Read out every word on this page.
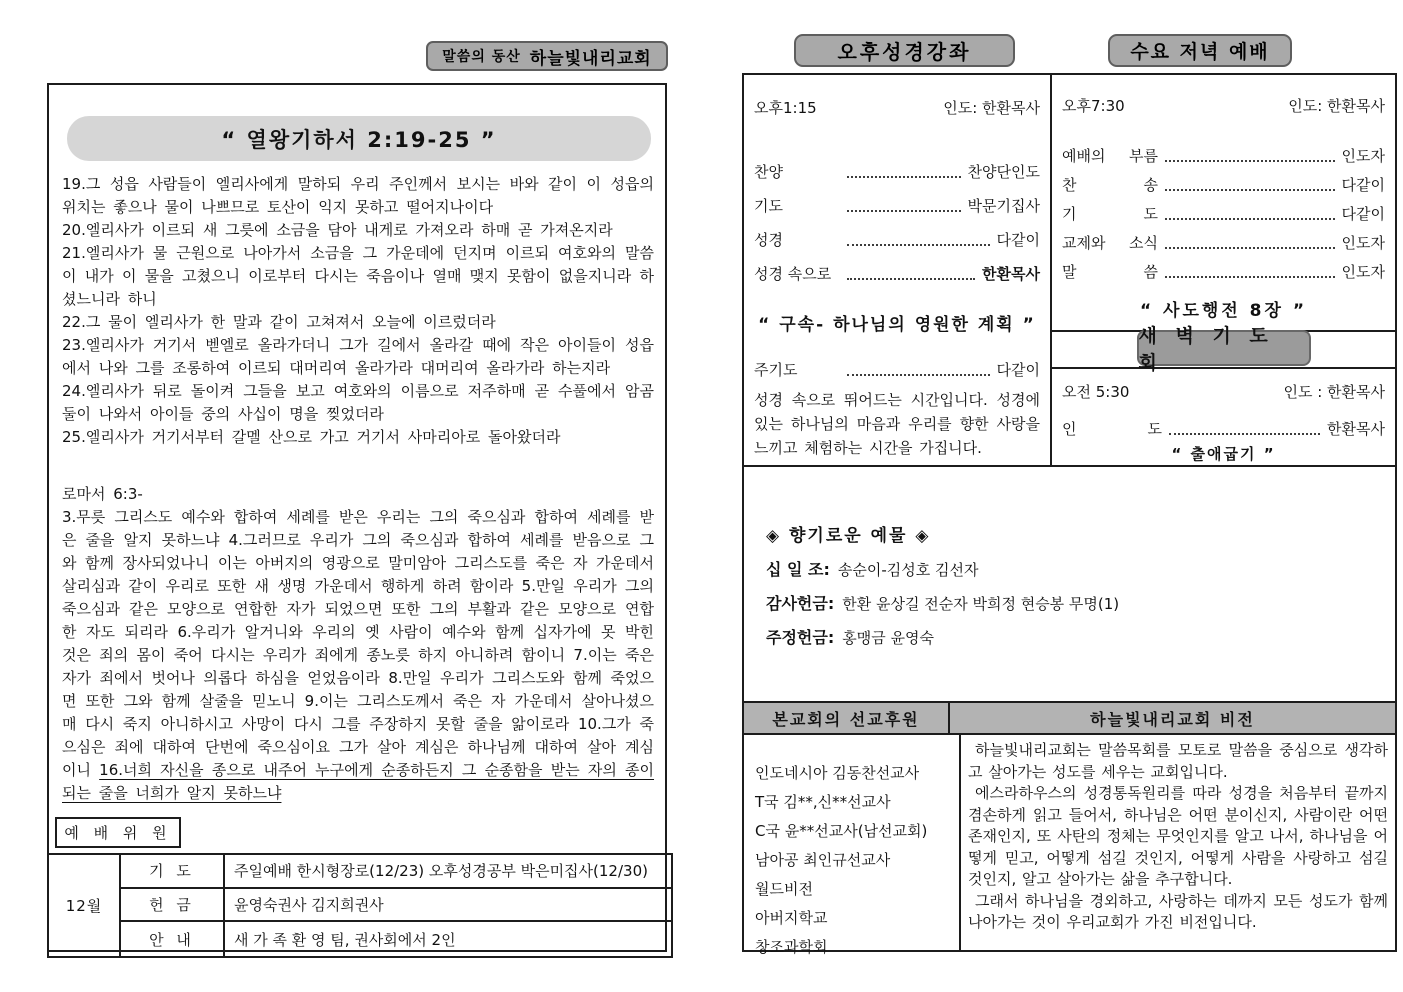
말씀의 동산 하늘빛내리교회	오후성경강좌	수요 저녁 예배
“ 열왕기하서 2:19-25 ”

19.그 성읍 사람들이 엘리사에게 말하되 우리 주인께서 보시는 바와 같이 이 성읍의 위치는 좋으나 물이 나쁘므로 토산이 익지 못하고 떨어지나이다

20.엘리사가 이르되 새 그릇에 소금을 담아 내게로 가져오라 하매 곧 가져온지라

21.엘리사가 물 근원으로 나아가서 소금을 그 가운데에 던지며 이르되 여호와의 말씀이 내가 이 물을 고쳤으니 이로부터 다시는 죽음이나 열매 맺지 못함이 없을지니라 하셨느니라 하니

22.그 물이 엘리사가 한 말과 같이 고쳐져서 오늘에 이르렀더라

23.엘리사가 거기서 벧엘로 올라가더니 그가 길에서 올라갈 때에 작은 아이들이 성읍에서 나와 그를 조롱하여 이르되 대머리여 올라가라 대머리여 올라가라 하는지라

24.엘리사가 뒤로 돌이켜 그들을 보고 여호와의 이름으로 저주하매 곧 수풀에서 암곰 둘이 나와서 아이들 중의 사십이 명을 찢었더라

25.엘리사가 거기서부터 갈멜 산으로 가고 거기서 사마리아로 돌아왔더라

로마서 6:3-

3.무릇 그리스도 예수와 합하여 세례를 받은 우리는 그의 죽으심과 합하여 세례를 받은 줄을 알지 못하느냐 4.그러므로 우리가 그의 죽으심과 합하여 세례를 받음으로 그와 함께 장사되었나니 이는 아버지의 영광으로 말미암아 그리스도를 죽은 자 가운데서 살리심과 같이 우리로 또한 새 생명 가운데서 행하게 하려 함이라 5.만일 우리가 그의 죽으심과 같은 모양으로 연합한 자가 되었으면 또한 그의 부활과 같은 모양으로 연합한 자도 되리라 6.우리가 알거니와 우리의 옛 사람이 예수와 함께 십자가에 못 박힌 것은 죄의 몸이 죽어 다시는 우리가 죄에게 종노릇 하지 아니하려 함이니 7.이는 죽은 자가 죄에서 벗어나 의롭다 하심을 얻었음이라 8.만일 우리가 그리스도와 함께 죽었으면 또한 그와 함께 살줄을 믿노니 9.이는 그리스도께서 죽은 자 가운데서 살아나셨으매 다시 죽지 아니하시고 사망이 다시 그를 주장하지 못할 줄을 앎이로라 10.그가 죽으심은 죄에 대하여 단번에 죽으심이요 그가 살아 계심은 하나님께 대하여 살아 계심이니 16.너희 자신을 종으로 내주어 누구에게 순종하든지 그 순종함을 받는 자의 종이 되는 줄을 너희가 알지 못하느냐

예 배 위 원
12월
기 도	주일예배 한시형장로(12/23) 오후성경공부 박은미집사(12/30)
헌 금	윤영숙권사 김지희권사
안 내	새 가 족 환 영 팀, 권사회에서 2인
오후1:15	인도: 한환목사
찬양	찬양단인도
기도	박문기집사
성경	다같이
성경 속으로	한환목사
“ 구속- 하나님의 영원한 계획 ”
주기도	다같이
성경 속으로 뛰어드는 시간입니다. 성경에 있는 하나님의 마음과 우리를 향한 사랑을 느끼고 체험하는 시간을 가집니다.
오후7:30	인도: 한환목사
예배의 부름	인도자
찬 송	다같이
기 도	다같이
교제와 소식	인도자
말 씀	인도자
“ 사도행전 8장 ”
새 벽 기 도 회
오전 5:30	인도 : 한환목사
인 도	한환목사
“ 출애굽기 ”
◈ 향기로운 예물 ◈
십 일 조: 송순이-김성호 김선자
감사헌금: 한환 윤상길 전순자 박희정 현승봉 무명(1)
주정헌금: 홍맹금 윤영숙
본교회의 선교후원	하늘빛내리교회 비전
인도네시아 김동찬선교사
T국 김**,신**선교사
C국 윤**선교사(남선교회)
남아공 최인규선교사
월드비전
아버지학교
창조과학회

하늘빛내리교회는 말씀목회를 모토로 말씀을 중심으로 생각하고 살아가는 성도를 세우는 교회입니다.

에스라하우스의 성경통독원리를 따라 성경을 처음부터 끝까지 겸손하게 읽고 들어서, 하나님은 어떤 분이신지, 사람이란 어떤 존재인지, 또 사탄의 정체는 무엇인지를 알고 나서, 하나님을 어떻게 믿고, 어떻게 섬길 것인지, 어떻게 사람을 사랑하고 섬길 것인지, 알고 살아가는 삶을 추구합니다.

그래서 하나님을 경외하고, 사랑하는 데까지 모든 성도가 함께 나아가는 것이 우리교회가 가진 비전입니다.
